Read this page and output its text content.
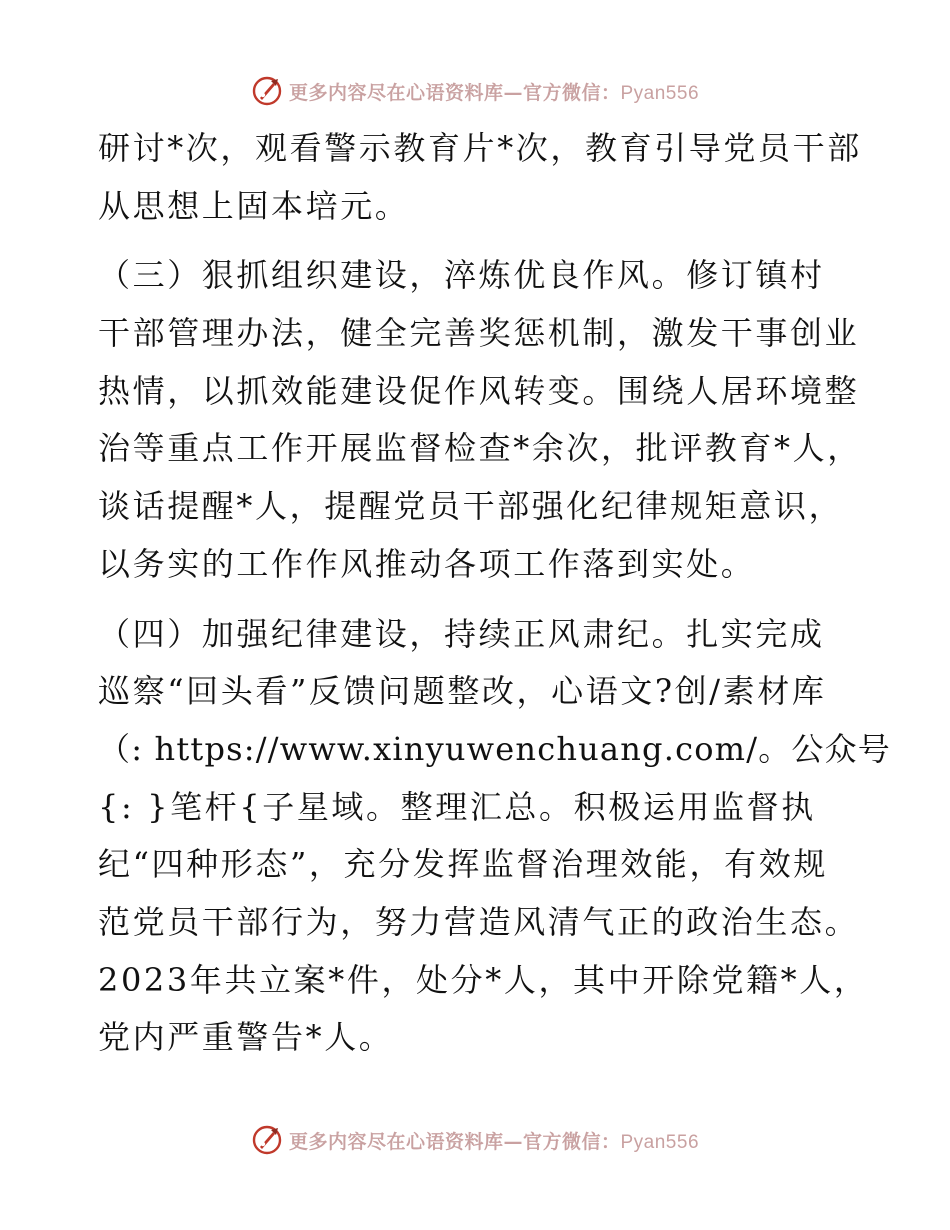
更多内容尽在心语资料库—官方微信：Pyan556
研讨*次，观看警示教育片*次，教育引导党员干部
从思想上固本培元。
（三）狠抓组织建设，淬炼优良作风。修订镇村
干部管理办法，健全完善奖惩机制，激发干事创业
热情，以抓效能建设促作风转变。围绕人居环境整
治等重点工作开展监督检查*余次，批评教育*人，
谈话提醒*人，提醒党员干部强化纪律规矩意识，
以务实的工作作风推动各项工作落到实处。
（四）加强纪律建设，持续正风肃纪。扎实完成
巡察“回头看”反馈问题整改，心语文?创/素材库
（: https://www.xinyuwenchuang.com/。公众号
{: }笔杆{子星域。整理汇总。积极运用监督执
纪“四种形态”，充分发挥监督治理效能，有效规
范党员干部行为，努力营造风清气正的政治生态。
2023年共立案*件，处分*人，其中开除党籍*人，
党内严重警告*人。
更多内容尽在心语资料库—官方微信：Pyan556
